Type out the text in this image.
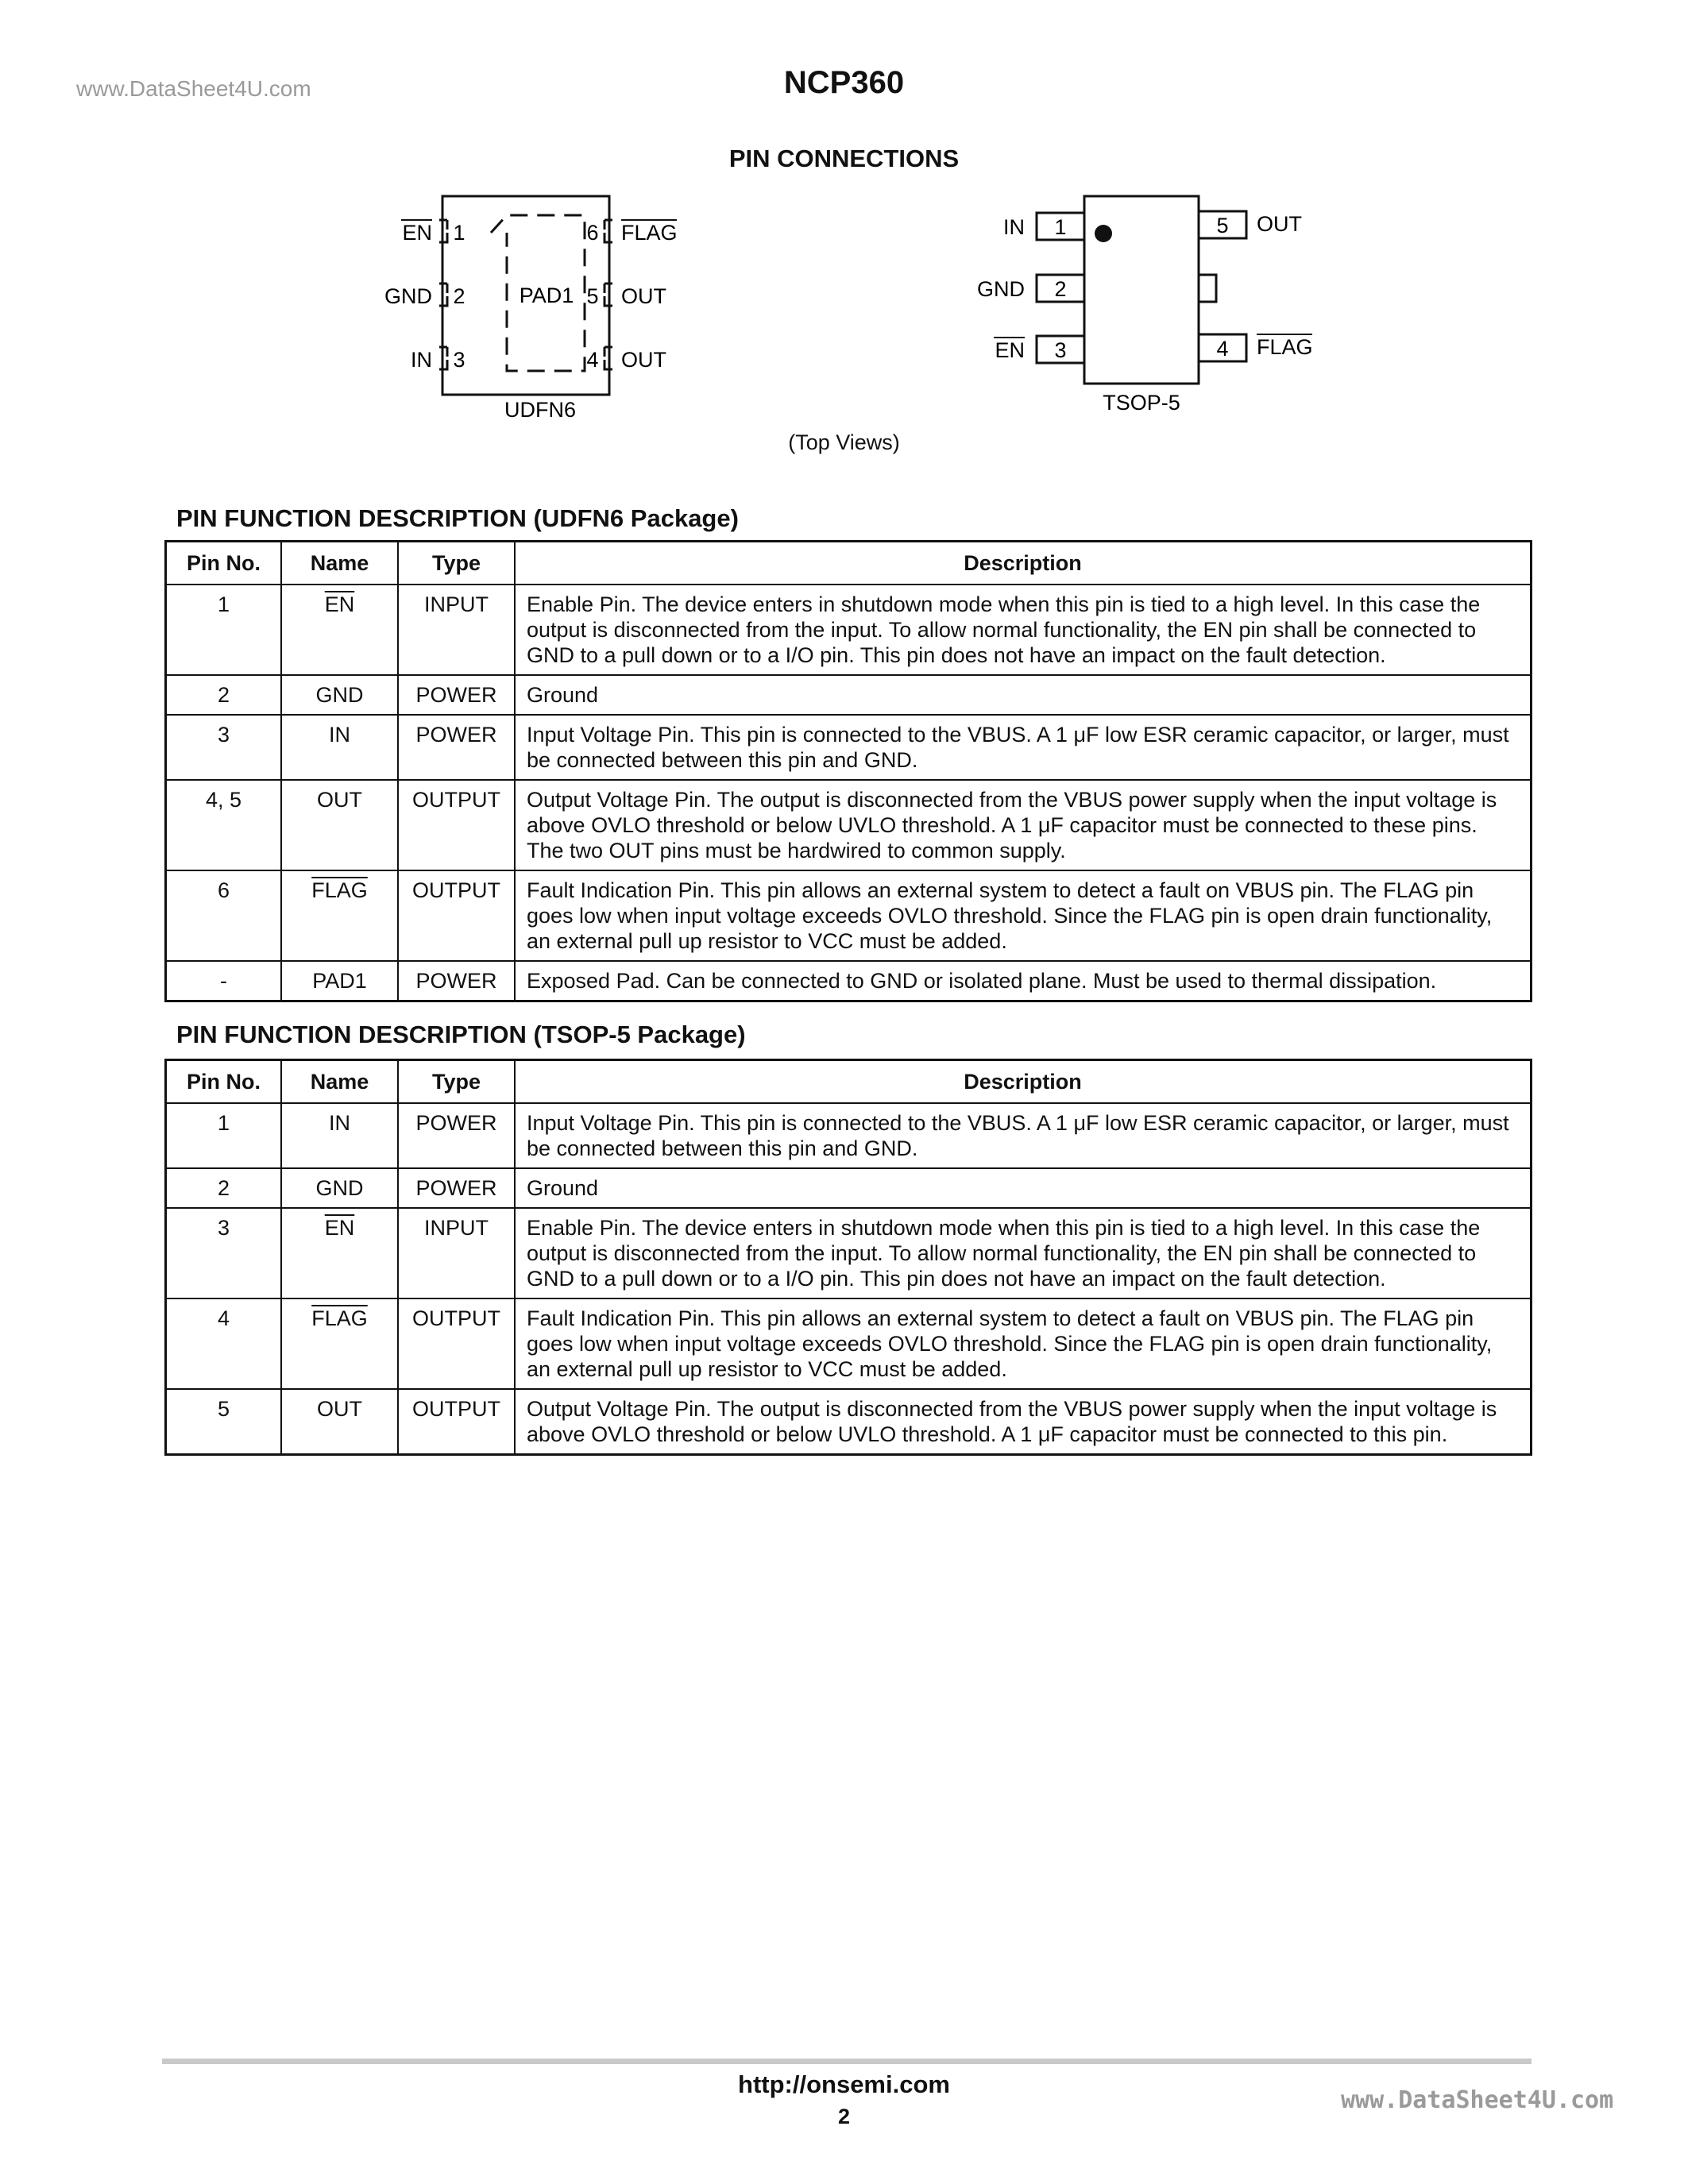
www.DataSheet4U.com	NCP360
PIN CONNECTIONS
PAD1
1
2
3
6
5
4
EN
GND
IN
FLAG
OUT
OUT
UDFN6
1
2
3
5
4
IN
GND
EN
OUT
FLAG
TSOP-5
(Top Views)
PIN FUNCTION DESCRIPTION (UDFN6 Package)
Pin No.	Name	Type	Description
1	$\overline{EN}$	INPUT	Enable Pin. The device enters in shutdown mode when this pin is tied to a high level. In this case the output is disconnected from the input. To allow normal functionality, the EN pin shall be connected to GND to a pull down or to a I/O pin. This pin does not have an impact on the fault detection.
2	GND	POWER	Ground
3	IN	POWER	Input Voltage Pin. This pin is connected to the VBUS. A 1 μF low ESR ceramic capacitor, or larger, must be connected between this pin and GND.
4, 5	OUT	OUTPUT	Output Voltage Pin. The output is disconnected from the VBUS power supply when the input voltage is above OVLO threshold or below UVLO threshold. A 1 μF capacitor must be connected to these pins. The two OUT pins must be hardwired to common supply.
6	FLAG	OUTPUT	Fault Indication Pin. This pin allows an external system to detect a fault on VBUS pin. The FLAG pin goes low when input voltage exceeds OVLO threshold. Since the FLAG pin is open drain functionality, an external pull up resistor to VCC must be added.
-	PAD1	POWER	Exposed Pad. Can be connected to GND or isolated plane. Must be used to thermal dissipation.
PIN FUNCTION DESCRIPTION (TSOP-5 Package)
Pin No.	Name	Type	Description
1	IN	POWER	Input Voltage Pin. This pin is connected to the VBUS. A 1 μF low ESR ceramic capacitor, or larger, must be connected between this pin and GND.
2	GND	POWER	Ground
3	$\overline{EN}$	INPUT	Enable Pin. The device enters in shutdown mode when this pin is tied to a high level. In this case the output is disconnected from the input. To allow normal functionality, the EN pin shall be connected to GND to a pull down or to a I/O pin. This pin does not have an impact on the fault detection.
4	FLAG	OUTPUT	Fault Indication Pin. This pin allows an external system to detect a fault on VBUS pin. The FLAG pin goes low when input voltage exceeds OVLO threshold. Since the FLAG pin is open drain functionality, an external pull up resistor to VCC must be added.
5	OUT	OUTPUT	Output Voltage Pin. The output is disconnected from the VBUS power supply when the input voltage is above OVLO threshold or below UVLO threshold. A 1 μF capacitor must be connected to this pin.
http://onsemi.com
2
www.DataSheet4U.com
